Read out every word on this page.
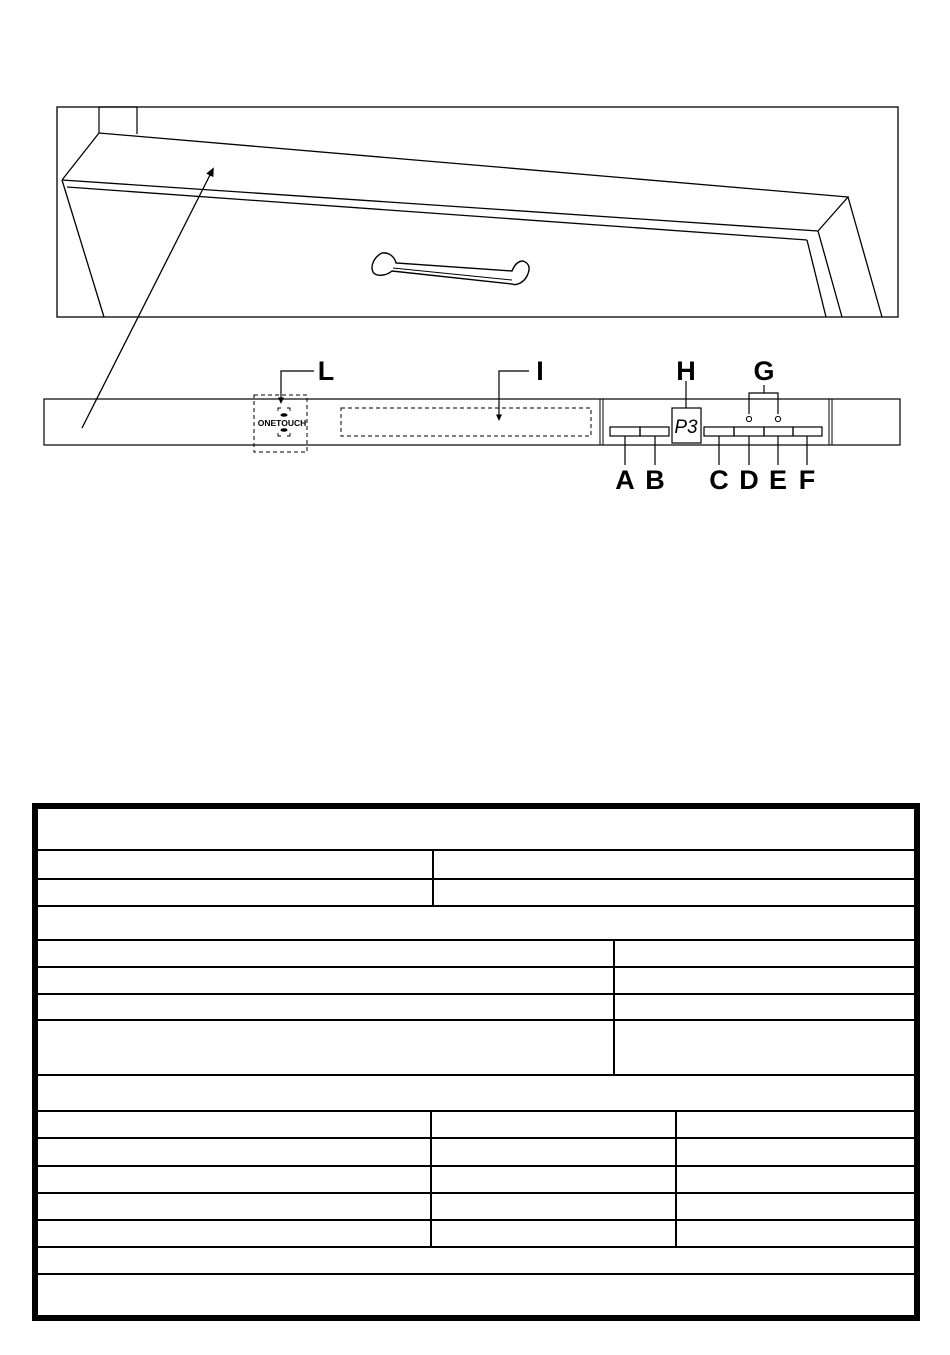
ONETOUCH	P3
L	I	H G
A B C D E F
